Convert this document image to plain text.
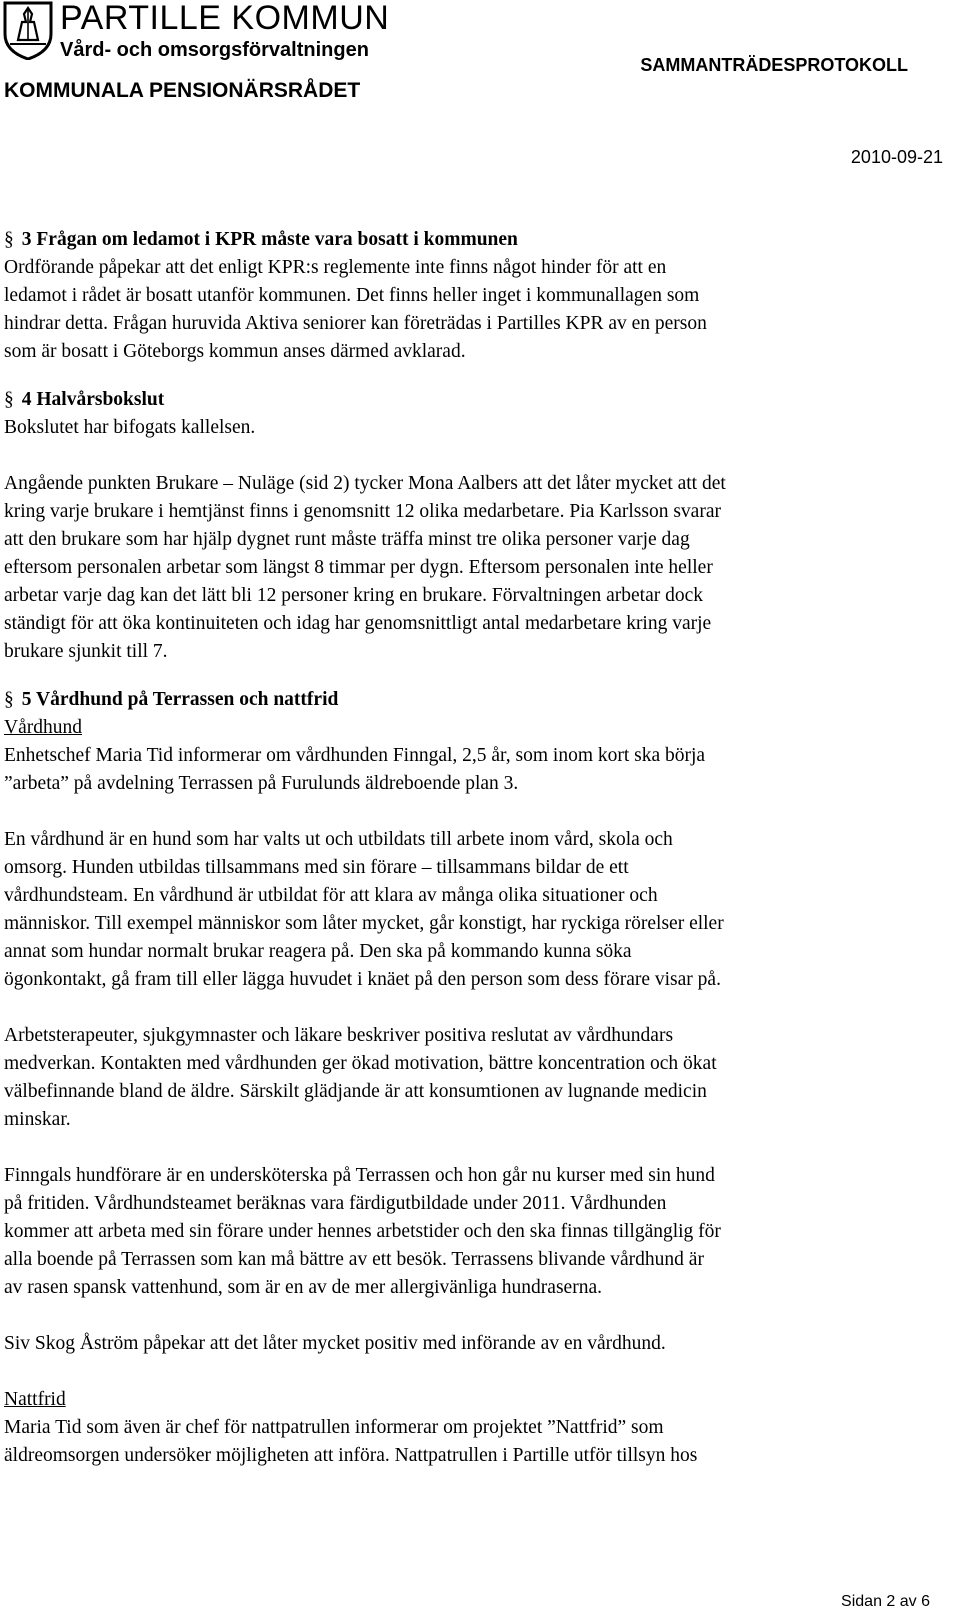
PARTILLE KOMMUN

Vård- och omsorgsförvaltningen

KOMMUNALA PENSIONÄRSRÅDET

SAMMANTRÄDESPROTOKOLL

2010-09-21

§ 3 Frågan om ledamot i KPR måste vara bosatt i kommunen

Ordförande påpekar att det enligt KPR:s reglemente inte finns något hinder för att en

ledamot i rådet är bosatt utanför kommunen. Det finns heller inget i kommunallagen som

hindrar detta. Frågan huruvida Aktiva seniorer kan företrädas i Partilles KPR av en person

som är bosatt i Göteborgs kommun anses därmed avklarad.

§ 4 Halvårsbokslut

Bokslutet har bifogats kallelsen.

Angående punkten Brukare – Nuläge (sid 2) tycker Mona Aalbers att det låter mycket att det

kring varje brukare i hemtjänst finns i genomsnitt 12 olika medarbetare. Pia Karlsson svarar

att den brukare som har hjälp dygnet runt måste träffa minst tre olika personer varje dag

eftersom personalen arbetar som längst 8 timmar per dygn. Eftersom personalen inte heller

arbetar varje dag kan det lätt bli 12 personer kring en brukare. Förvaltningen arbetar dock

ständigt för att öka kontinuiteten och idag har genomsnittligt antal medarbetare kring varje

brukare sjunkit till 7.

§ 5 Vårdhund på Terrassen och nattfrid

Vårdhund

Enhetschef Maria Tid informerar om vårdhunden Finngal, 2,5 år, som inom kort ska börja

”arbeta” på avdelning Terrassen på Furulunds äldreboende plan 3.

En vårdhund är en hund som har valts ut och utbildats till arbete inom vård, skola och

omsorg. Hunden utbildas tillsammans med sin förare – tillsammans bildar de ett

vårdhundsteam. En vårdhund är utbildat för att klara av många olika situationer och

människor. Till exempel människor som låter mycket, går konstigt, har ryckiga rörelser eller

annat som hundar normalt brukar reagera på. Den ska på kommando kunna söka

ögonkontakt, gå fram till eller lägga huvudet i knäet på den person som dess förare visar på.

Arbetsterapeuter, sjukgymnaster och läkare beskriver positiva reslutat av vårdhundars

medverkan. Kontakten med vårdhunden ger ökad motivation, bättre koncentration och ökat

välbefinnande bland de äldre. Särskilt glädjande är att konsumtionen av lugnande medicin

minskar.

Finngals hundförare är en undersköterska på Terrassen och hon går nu kurser med sin hund

på fritiden. Vårdhundsteamet beräknas vara färdigutbildade under 2011. Vårdhunden

kommer att arbeta med sin förare under hennes arbetstider och den ska finnas tillgänglig för

alla boende på Terrassen som kan må bättre av ett besök. Terrassens blivande vårdhund är

av rasen spansk vattenhund, som är en av de mer allergivänliga hundraserna.

Siv Skog Åström påpekar att det låter mycket positiv med införande av en vårdhund.

Nattfrid

Maria Tid som även är chef för nattpatrullen informerar om projektet ”Nattfrid” som

äldreomsorgen undersöker möjligheten att införa. Nattpatrullen i Partille utför tillsyn hos

Sidan 2 av 6
